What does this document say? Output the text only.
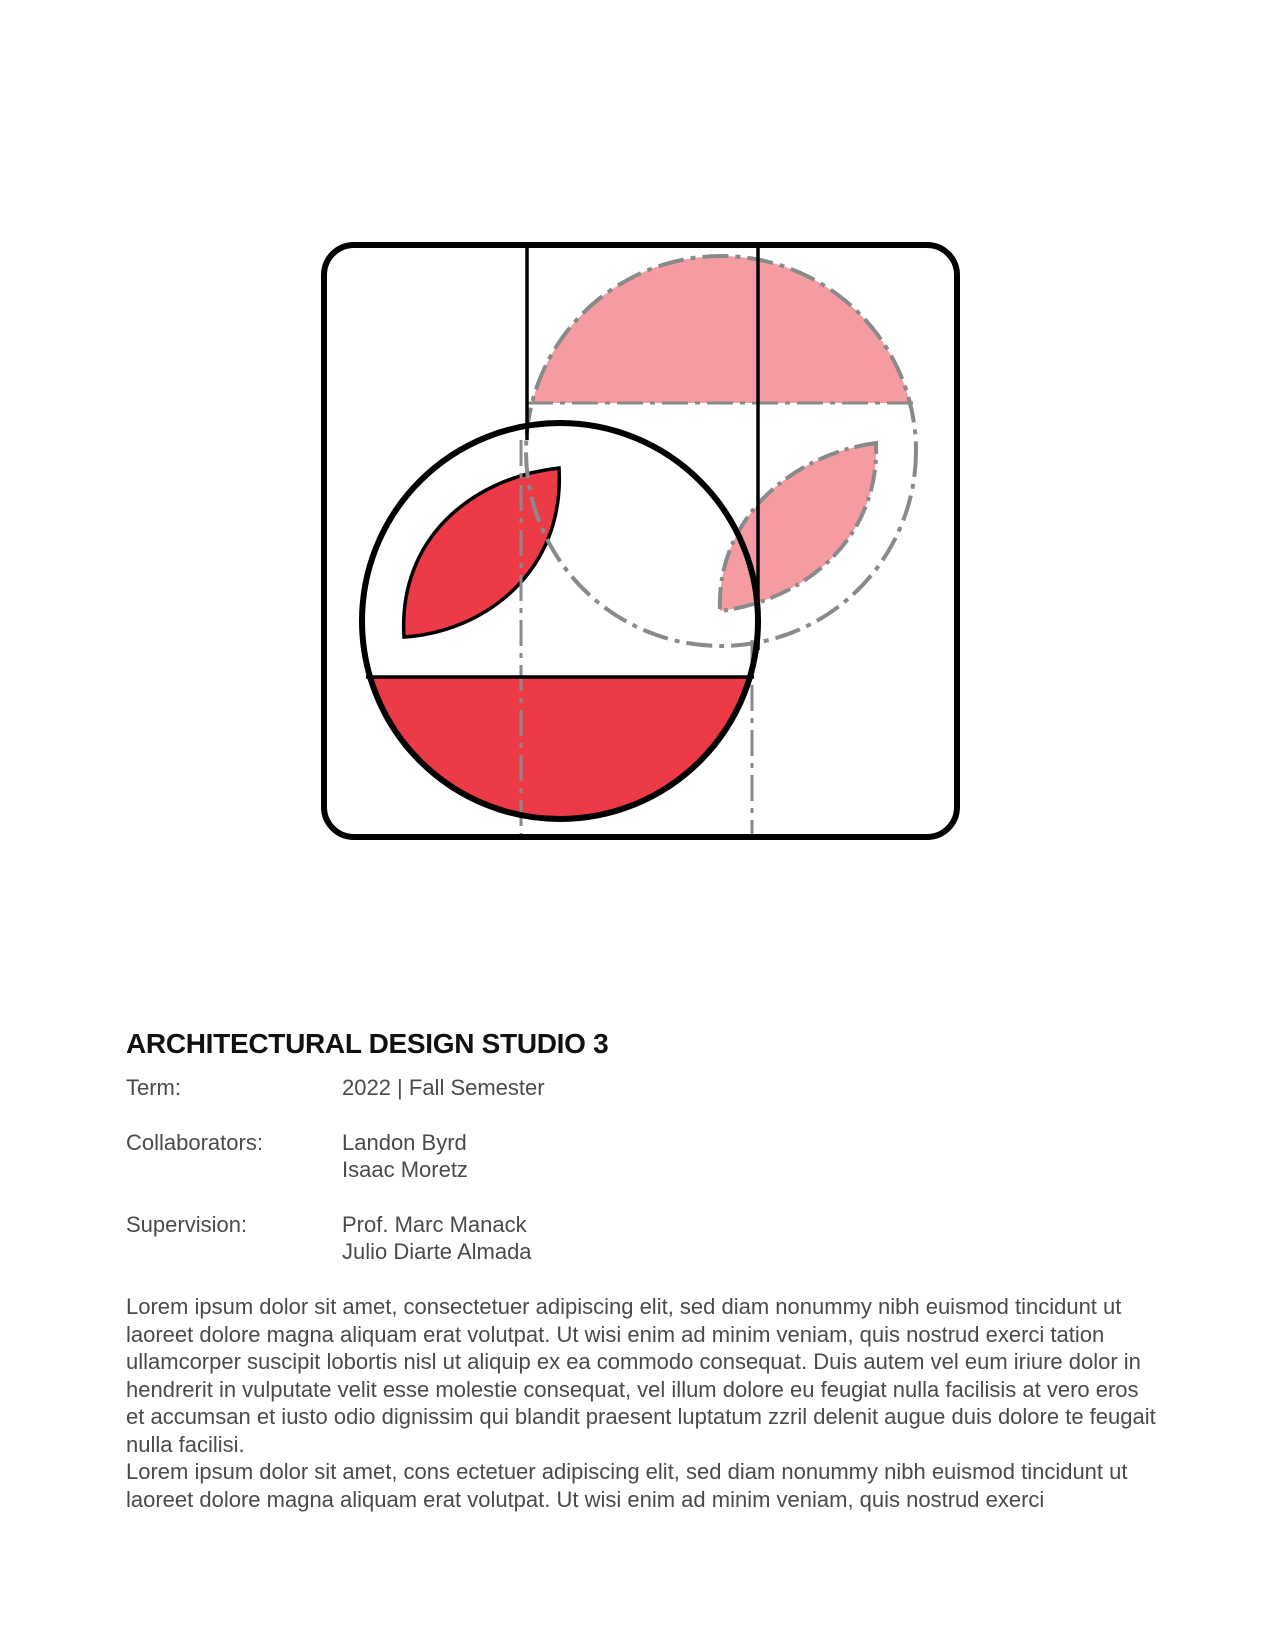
ARCHITECTURAL DESIGN STUDIO 3
Term:	2022 | Fall Semester
Collaborators:	Landon Byrd
Isaac Moretz
Supervision:	Prof. Marc Manack
Julio Diarte Almada

Lorem ipsum dolor sit amet, consectetuer adipiscing elit, sed diam nonummy nibh euismod tincidunt ut laoreet dolore magna aliquam erat volutpat. Ut wisi enim ad minim veniam, quis nostrud exerci tation ullamcorper suscipit lobortis nisl ut aliquip ex ea commodo consequat. Duis autem vel eum iriure dolor in hendrerit in vulputate velit esse molestie consequat, vel illum dolore eu feugiat nulla facilisis at vero eros et accumsan et iusto odio dignissim qui blandit praesent luptatum zzril delenit augue duis dolore te feugait nulla facilisi.

Lorem ipsum dolor sit amet, cons ectetuer adipiscing elit, sed diam nonummy nibh euismod tincidunt ut laoreet dolore magna aliquam erat volutpat. Ut wisi enim ad minim veniam, quis nostrud exerci
